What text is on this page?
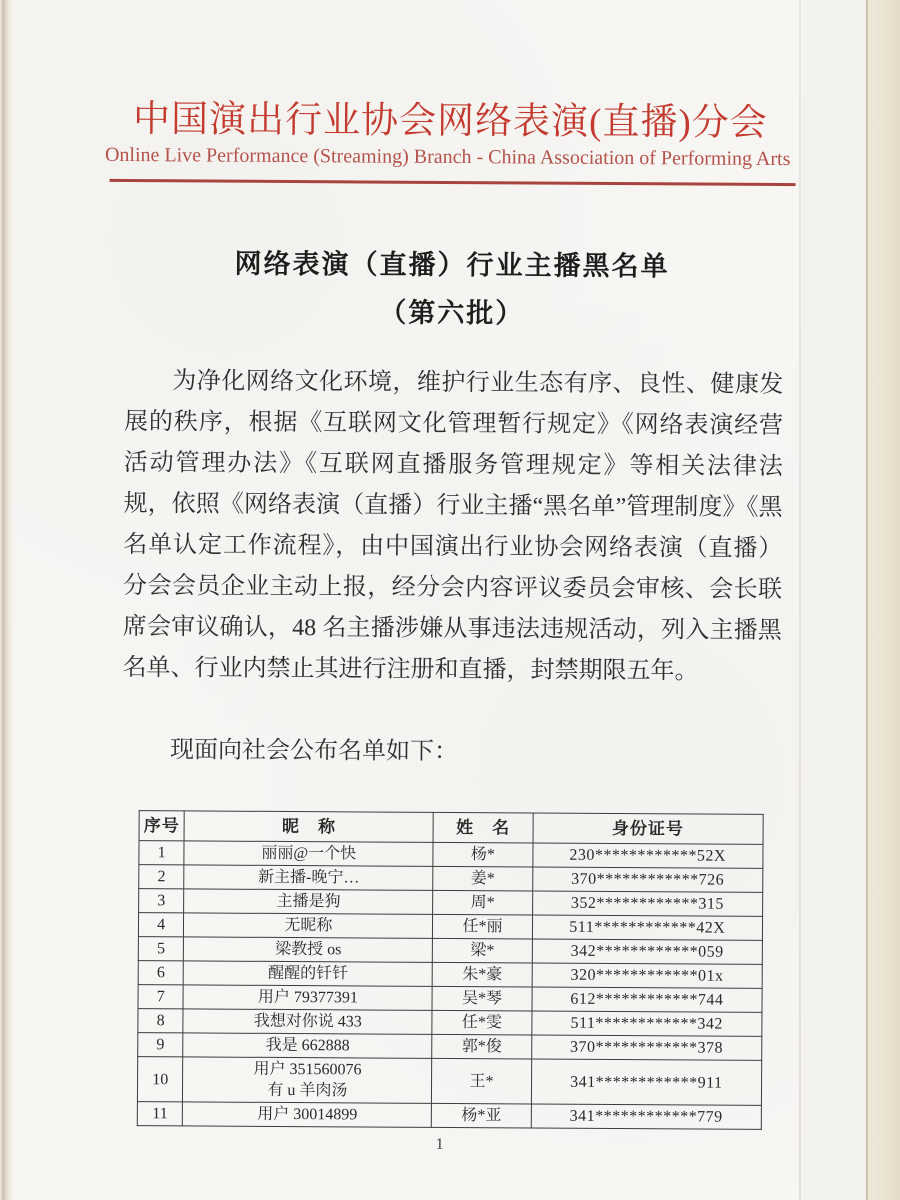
中国演出行业协会网络表演(直播)分会
Online Live Performance (Streaming) Branch - China Association of Performing Arts
网络表演（直播）行业主播黑名单
（第六批）

为净化网络文化环境，维护行业生态有序、良性、健康发展的秩序，根据《互联网文化管理暂行规定》《网络表演经营活动管理办法》《互联网直播服务管理规定》等相关法律法规，依照《网络表演（直播）行业主播“黑名单”管理制度》《黑名单认定工作流程》，由中国演出行业协会网络表演（直播）分会会员企业主动上报，经分会内容评议委员会审核、会长联席会审议确认，48 名主播涉嫌从事违法违规活动，列入主播黑名单、行业内禁止其进行注册和直播，封禁期限五年。

现面向社会公布名单如下：

序号	昵　称	姓　名	身份证号
1	丽丽@一个快	杨*	230************52X
2	新主播-晚宁…	姜*	370************726
3	主播是狗	周*	352************315
4	无昵称	任*丽	511************42X
5	梁教授 os	梁*	342************059
6	醒醒的钎钎	朱*豪	320************01x
7	用户 79377391	吴*琴	612************744
8	我想对你说 433	任*雯	511************342
9	我是 662888	郭*俊	370************378
10	用户 351560076
有 u 羊肉汤	王*	341************911
11	用户 30014899	杨*亚	341************779
1
